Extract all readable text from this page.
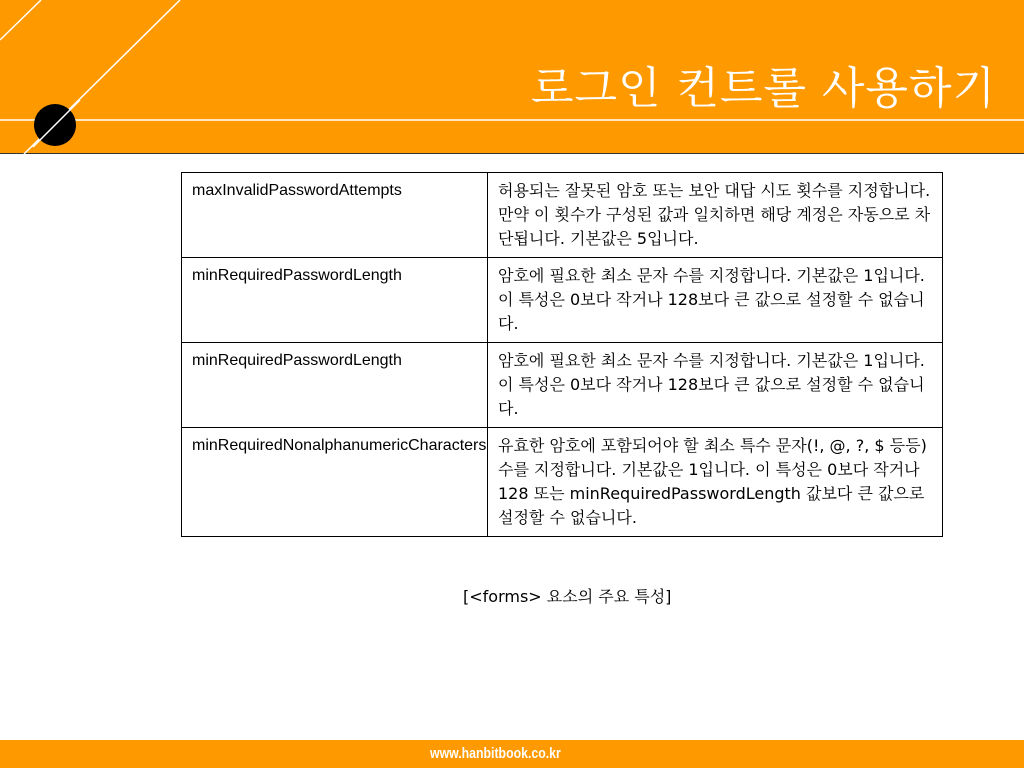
로그인 컨트롤 사용하기
maxInvalidPasswordAttempts	허용되는 잘못된 암호 또는 보안 대답 시도 횟수를 지정합니다. 만약 이 횟수가 구성된 값과 일치하면 해당 계정은 자동으로 차단됩니다. 기본값은 5입니다.
minRequiredPasswordLength	암호에 필요한 최소 문자 수를 지정합니다. 기본값은 1입니다. 이 특성은 0보다 작거나 128보다 큰 값으로 설정할 수 없습니다.
minRequiredPasswordLength	암호에 필요한 최소 문자 수를 지정합니다. 기본값은 1입니다. 이 특성은 0보다 작거나 128보다 큰 값으로 설정할 수 없습니다.
minRequiredNonalphanumericCharacters	유효한 암호에 포함되어야 할 최소 특수 문자(!, @, ?, $ 등등) 수를 지정합니다. 기본값은 1입니다. 이 특성은 0보다 작거나 128 또는 minRequiredPasswordLength 값보다 큰 값으로 설정할 수 없습니다.
[<forms> 요소의 주요 특성]
www.hanbitbook.co.kr
